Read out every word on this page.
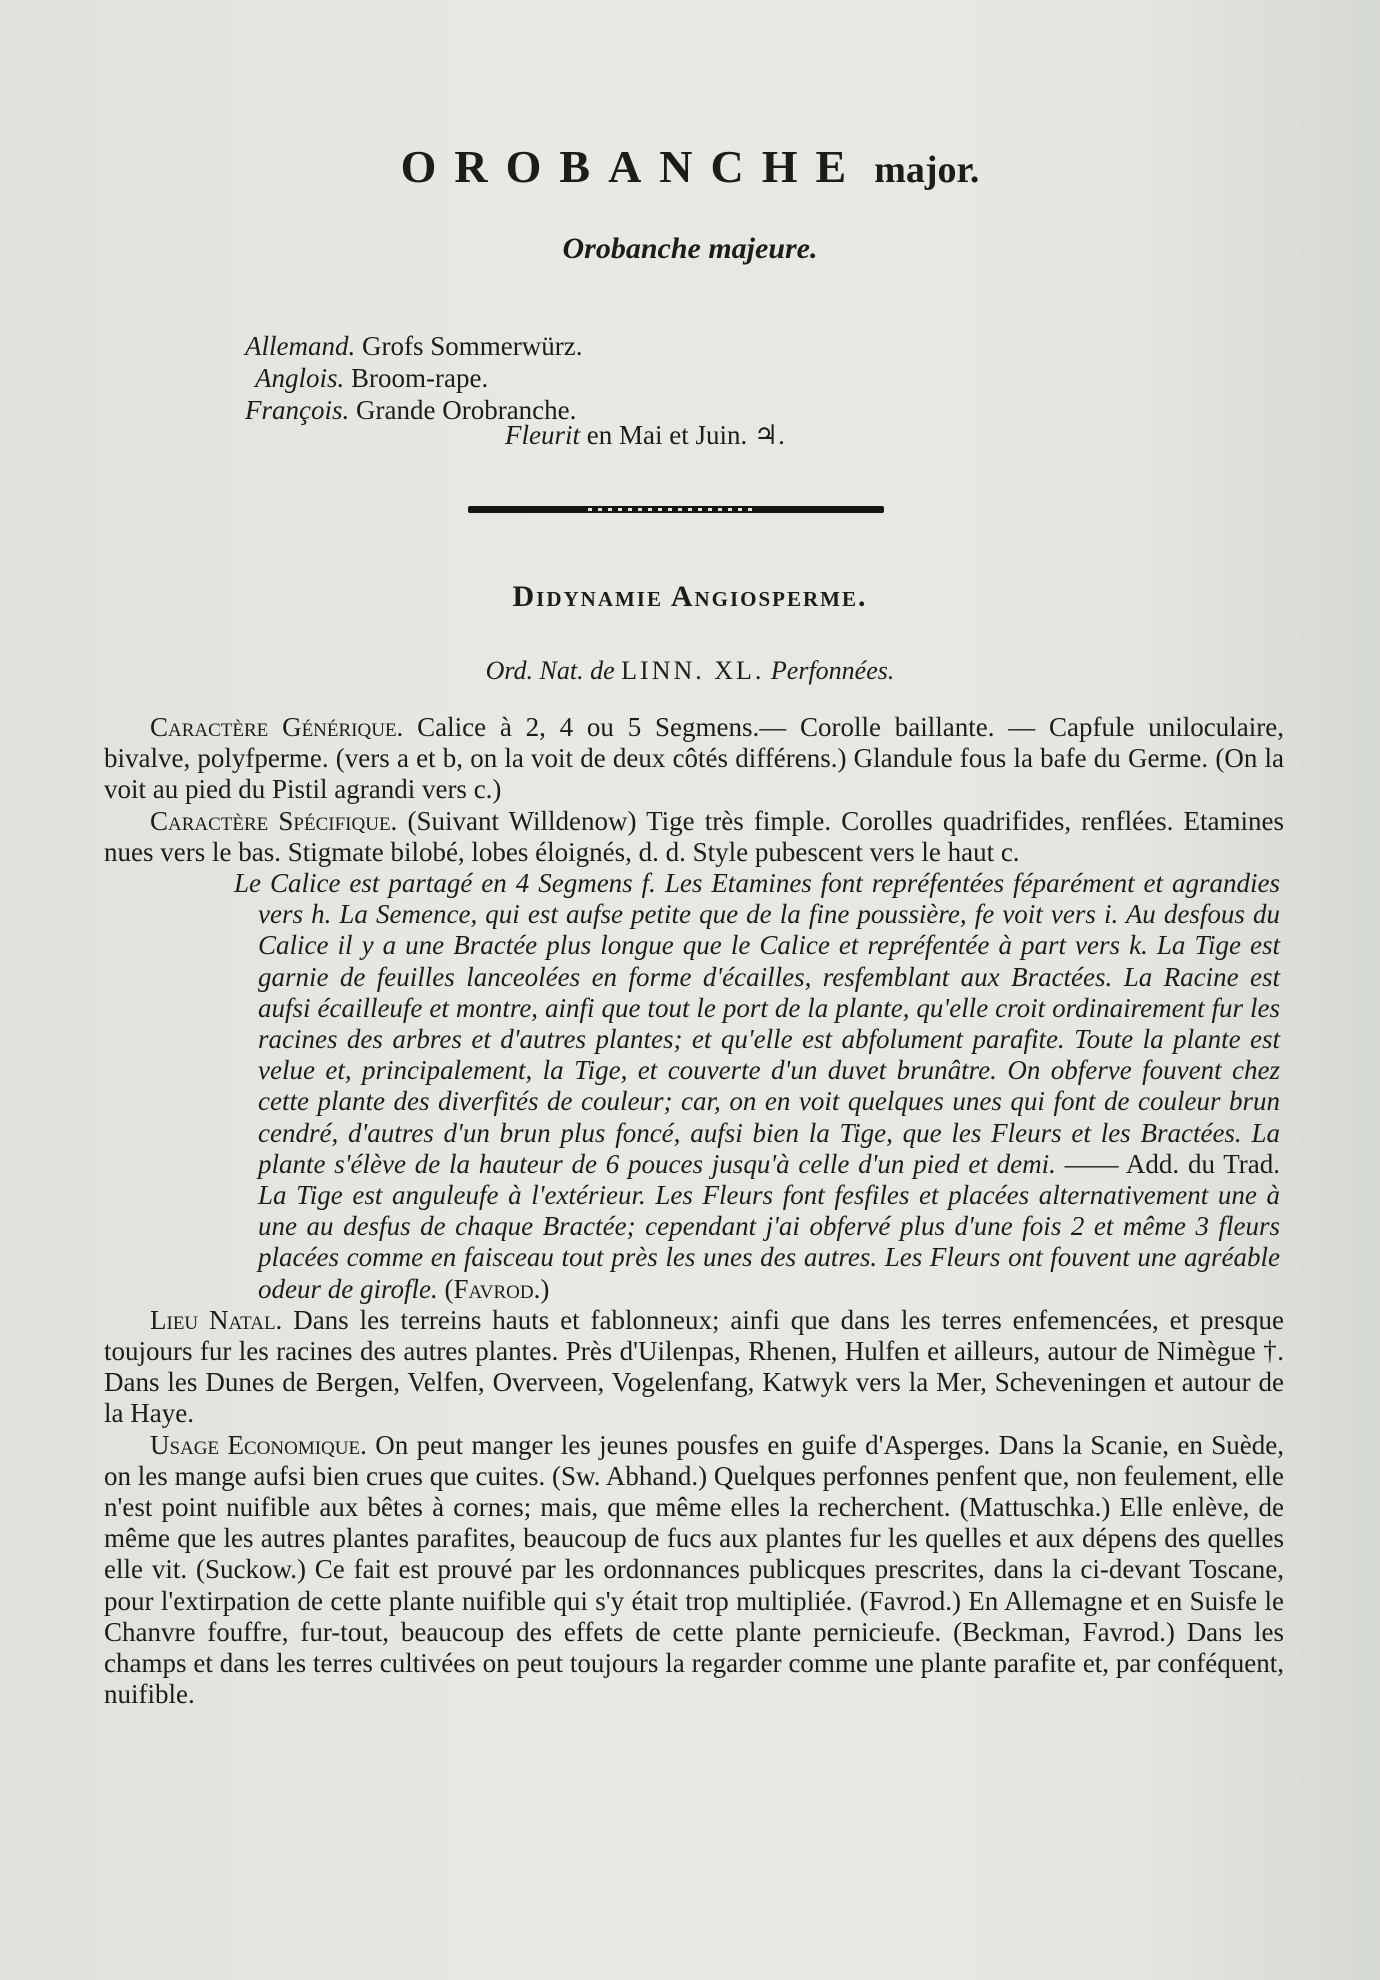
OROBANCHE major.
Orobanche majeure.
Allemand. Grofs Sommerwürz.
Anglois. Broom-rape.
François. Grande Orobranche.
Fleurit en Mai et Juin. ♃.
Didynamie Angiosperme.
Ord. Nat. de LINN. XL. Perfonnées.

Caractère Générique. Calice à 2, 4 ou 5 Segmens.— Corolle baillante. — Capfule uniloculaire, bivalve, polyfperme. (vers a et b, on la voit de deux côtés différens.) Glandule fous la bafe du Germe. (On la voit au pied du Pistil agrandi vers c.)

Caractère Spécifique. (Suivant Willdenow) Tige très fimple. Corolles quadrifides, renflées. Etamines nues vers le bas. Stigmate bilobé, lobes éloignés, d. d. Style pubescent vers le haut c.

Le Calice est partagé en 4 Segmens f. Les Etamines font repréfentées féparément et agrandies vers h. La Semence, qui est aufse petite que de la fine poussière, fe voit vers i. Au desfous du Calice il y a une Bractée plus longue que le Calice et repréfentée à part vers k. La Tige est garnie de feuilles lanceolées en forme d'écailles, resfemblant aux Bractées. La Racine est aufsi écailleufe et montre, ainfi que tout le port de la plante, qu'elle croit ordinairement fur les racines des arbres et d'autres plantes; et qu'elle est abfolument parafite. Toute la plante est velue et, principalement, la Tige, et couverte d'un duvet brunâtre. On obferve fouvent chez cette plante des diverfités de couleur; car, on en voit quelques unes qui font de couleur brun cendré, d'autres d'un brun plus foncé, aufsi bien la Tige, que les Fleurs et les Bractées. La plante s'élève de la hauteur de 6 pouces jusqu'à celle d'un pied et demi. —— Add. du Trad. La Tige est anguleufe à l'extérieur. Les Fleurs font fesfiles et placées alternativement une à une au desfus de chaque Bractée; cependant j'ai obfervé plus d'une fois 2 et même 3 fleurs placées comme en faisceau tout près les unes des autres. Les Fleurs ont fouvent une agréable odeur de girofle. (Favrod.)

Lieu Natal. Dans les terreins hauts et fablonneux; ainfi que dans les terres enfemencées, et presque toujours fur les racines des autres plantes. Près d'Uilenpas, Rhenen, Hulfen et ailleurs, autour de Nimègue †. Dans les Dunes de Bergen, Velfen, Overveen, Vogelenfang, Katwyk vers la Mer, Scheveningen et autour de la Haye.

Usage Economique. On peut manger les jeunes pousfes en guife d'Asperges. Dans la Scanie, en Suède, on les mange aufsi bien crues que cuites. (Sw. Abhand.) Quelques perfonnes penfent que, non feulement, elle n'est point nuifible aux bêtes à cornes; mais, que même elles la recherchent. (Mattuschka.) Elle enlève, de même que les autres plantes parafites, beaucoup de fucs aux plantes fur les quelles et aux dépens des quelles elle vit. (Suckow.) Ce fait est prouvé par les ordonnances publicques prescrites, dans la ci-devant Toscane, pour l'extirpation de cette plante nuifible qui s'y était trop multipliée. (Favrod.) En Allemagne et en Suisfe le Chanvre fouffre, fur-tout, beaucoup des effets de cette plante pernicieufe. (Beckman, Favrod.) Dans les champs et dans les terres cultivées on peut toujours la regarder comme une plante parafite et, par conféquent, nuifible.
